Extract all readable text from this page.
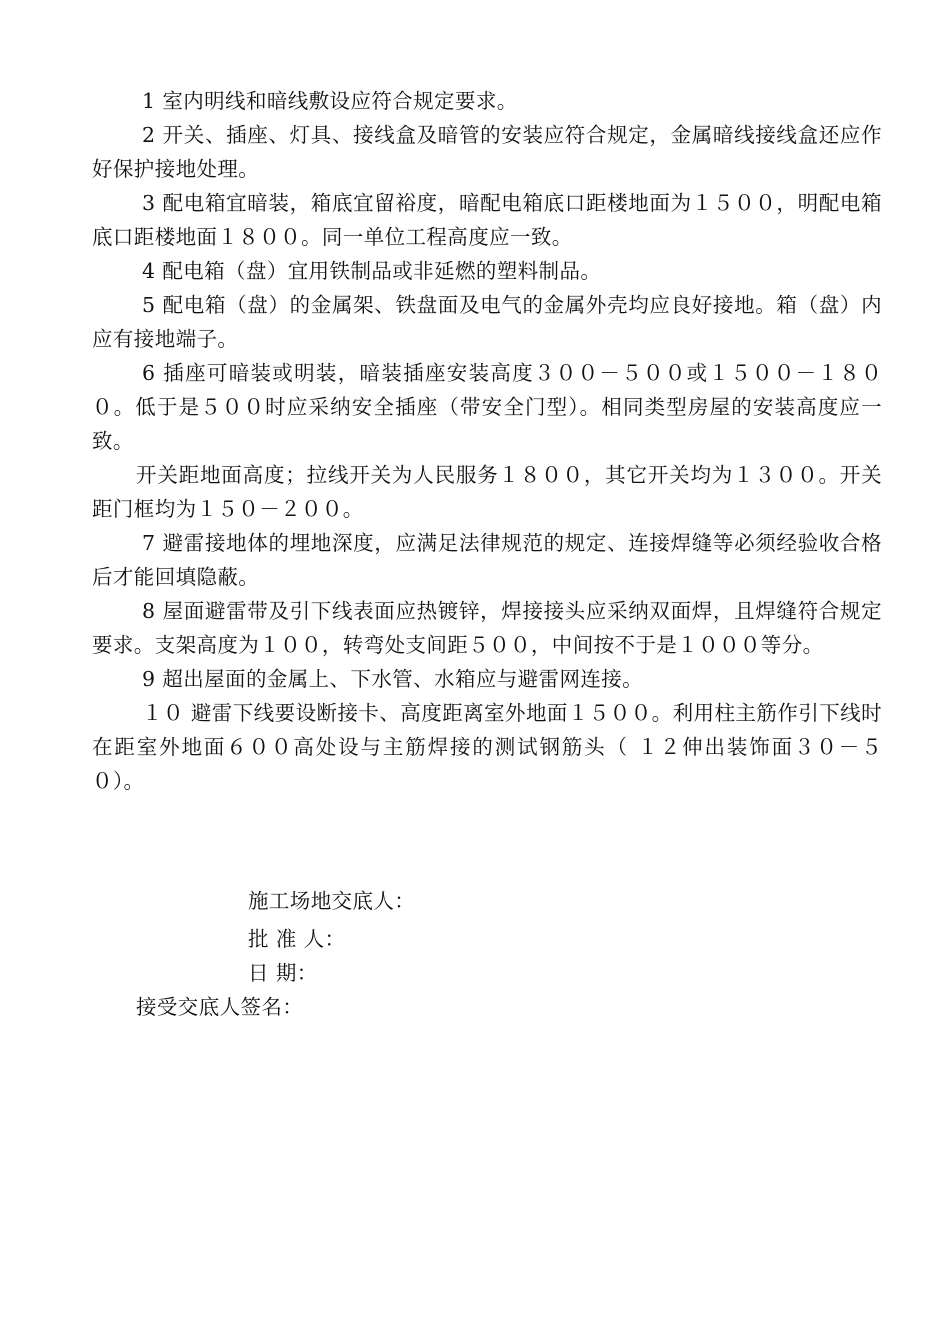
1 室内明线和暗线敷设应符合规定要求。

2 开关、插座、灯具、接线盒及暗管的安装应符合规定，金属暗线接线盒还应作好保护接地处理。

3 配电箱宜暗装，箱底宜留裕度，暗配电箱底口距楼地面为１５００，明配电箱底口距楼地面１８００。同一单位工程高度应一致。

4 配电箱（盘）宜用铁制品或非延燃的塑料制品。

5 配电箱（盘）的金属架、铁盘面及电气的金属外壳均应良好接地。箱（盘）内应有接地端子。

6 插座可暗装或明装，暗装插座安装高度３００－５００或１５００－１８００。低于是５００时应采纳安全插座（带安全门型）。相同类型房屋的安装高度应一致。

开关距地面高度；拉线开关为人民服务１８００，其它开关均为１３００。开关距门框均为１５０－２００。

7 避雷接地体的埋地深度，应满足法律规范的规定、连接焊缝等必须经验收合格后才能回填隐蔽。

8 屋面避雷带及引下线表面应热镀锌，焊接接头应采纳双面焊，且焊缝符合规定要求。支架高度为１００，转弯处支间距５００，中间按不于是１０００等分。

9 超出屋面的金属上、下水管、水箱应与避雷网连接。

１０ 避雷下线要设断接卡、高度距离室外地面１５００。利用柱主筋作引下线时在距室外地面６００高处设与主筋焊接的测试钢筋头（ １２伸出装饰面３０－５０）。

施工场地交底人：

批 准 人：

日 期：

接受交底人签名：
